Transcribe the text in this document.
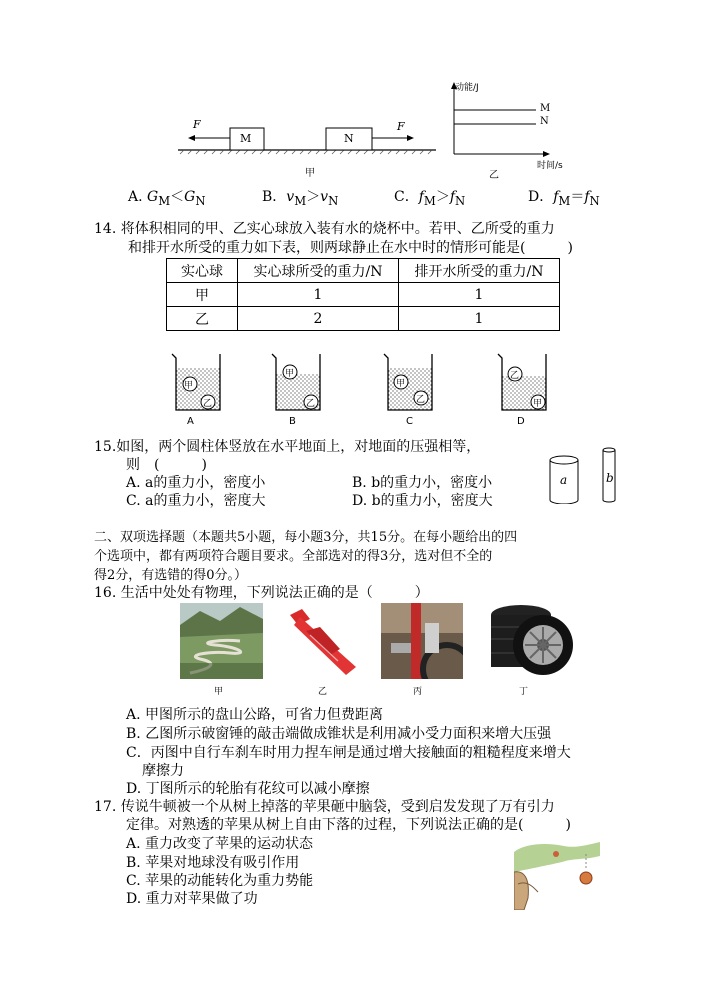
F	F
M	N
甲
动能/J
时间/s
M
N
乙
A. $G_M<G_N$	B．$v_M>v_N$	C．$f_M>f_N$	D．$f_M=f_N$
14. 将体积相同的甲、乙实心球放入装有水的烧杯中。若甲、乙所受的重力
和排开水所受的重力如下表，则两球静止在水中时的情形可能是(　　　)
实心球	实心球所受的重力/N	排开水所受的重力/N
甲	1	1
乙	2	1
甲
乙
甲
乙
甲
乙
乙
甲
A	B	C	D
15.如图，两个圆柱体竖放在水平地面上，对地面的压强相等，
则　(　　　)
A. a的重力小，密度小	B. b的重力小，密度小
C. a的重力小，密度大	D. b的重力小，密度大
a	b
二、双项选择题（本题共5小题，每小题3分，共15分。在每小题给出的四
个选项中，都有两项符合题目要求。全部选对的得3分，选对但不全的
得2分，有选错的得0分。）
16. 生活中处处有物理，下列说法正确的是（　　　）
甲	乙	丙	丁
A. 甲图所示的盘山公路，可省力但费距离
B. 乙图所示破窗锤的敲击端做成锥状是利用减小受力面积来增大压强
C．丙图中自行车刹车时用力捏车闸是通过增大接触面的粗糙程度来增大
摩擦力
D. 丁图所示的轮胎有花纹可以减小摩擦
17. 传说牛顿被一个从树上掉落的苹果砸中脑袋，受到启发发现了万有引力
定律。对熟透的苹果从树上自由下落的过程，下列说法正确的是(　　　)
A. 重力改变了苹果的运动状态
B. 苹果对地球没有吸引作用
C. 苹果的动能转化为重力势能
D. 重力对苹果做了功
